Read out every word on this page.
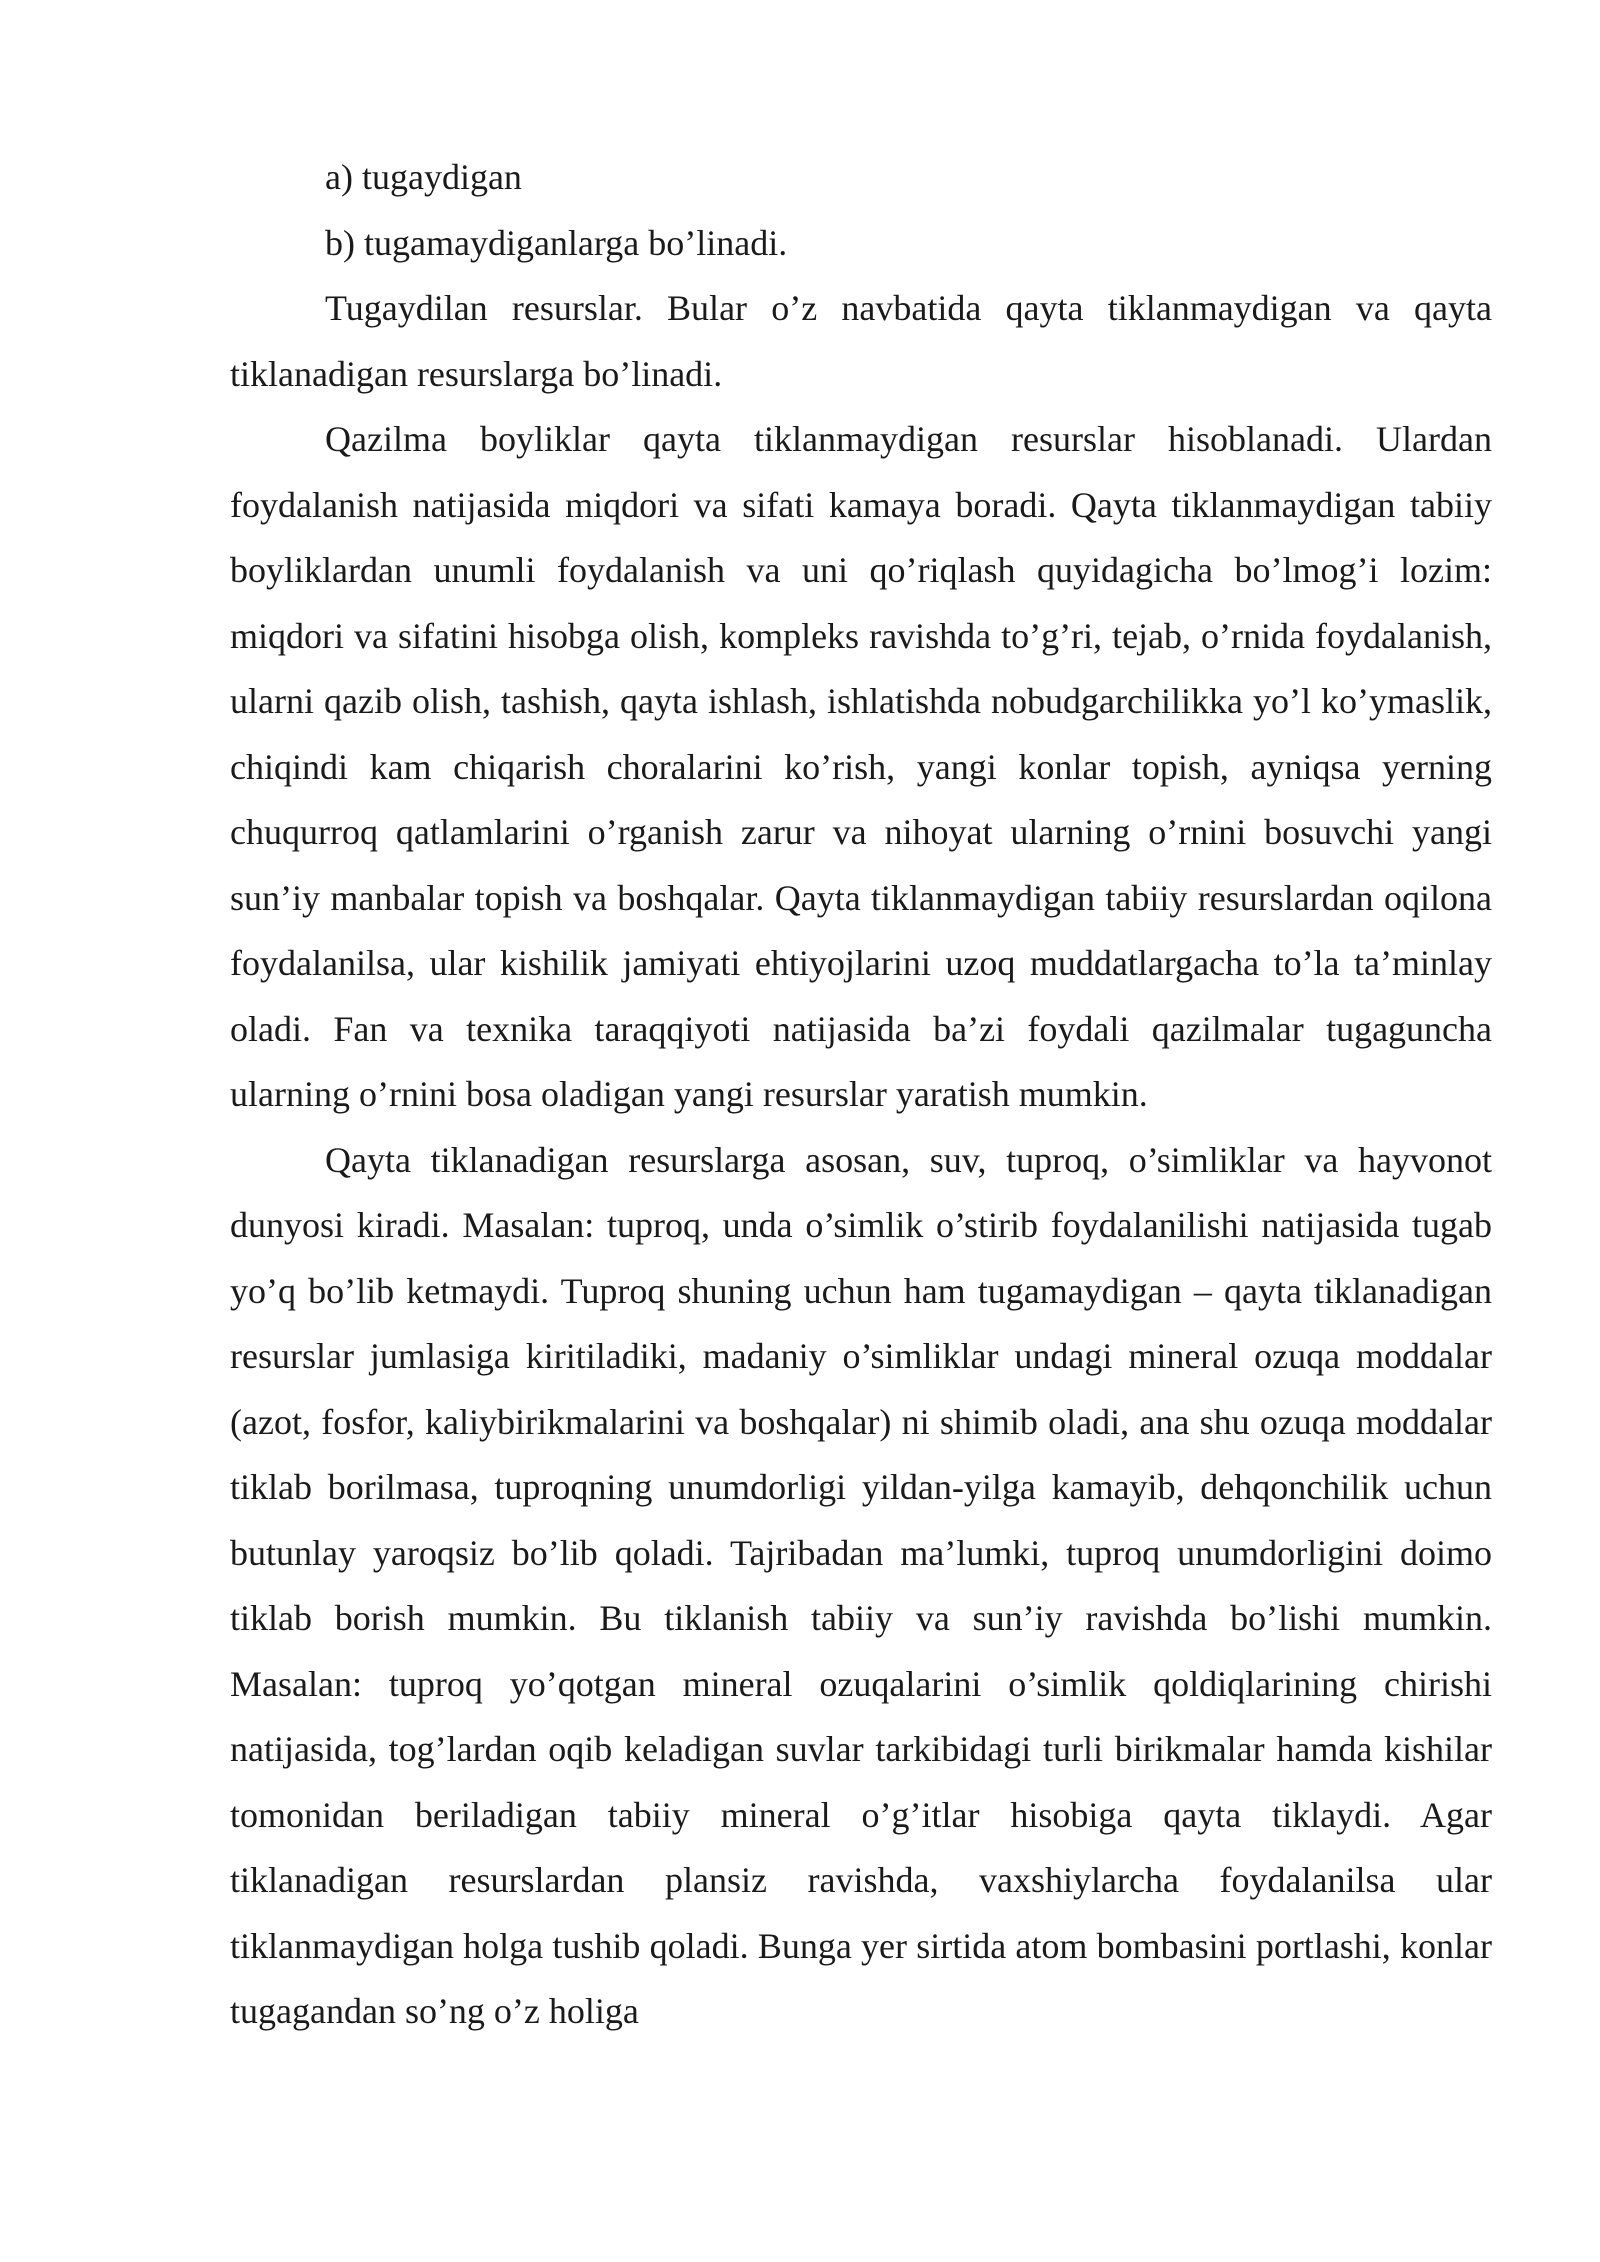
a) tugaydigan

b) tugamaydiganlarga bo’linadi.

Tugaydilan resurslar. Bular o’z navbatida qayta tiklanmaydigan va qayta tiklanadigan resurslarga bo’linadi.

Qazilma boyliklar qayta tiklanmaydigan resurslar hisoblanadi. Ulardan foydalanish natijasida miqdori va sifati kamaya boradi. Qayta tiklanmaydigan tabiiy boyliklardan unumli foydalanish va uni qo’riqlash quyidagicha bo’lmog’i lozim: miqdori va sifatini hisobga olish, kompleks ravishda to’g’ri, tejab, o’rnida foydalanish, ularni qazib olish, tashish, qayta ishlash, ishlatishda nobudgarchilikka yo’l ko’ymaslik, chiqindi kam chiqarish choralarini ko’rish, yangi konlar topish, ayniqsa yerning chuqurroq qatlamlarini o’rganish zarur va nihoyat ularning o’rnini bosuvchi yangi sun’iy manbalar topish va boshqalar. Qayta tiklanmaydigan tabiiy resurslardan oqilona foydalanilsa, ular kishilik jamiyati ehtiyojlarini uzoq muddatlargacha to’la ta’minlay oladi. Fan va texnika taraqqiyoti natijasida ba’zi foydali qazilmalar tugaguncha ularning o’rnini bosa oladigan yangi resurslar yaratish mumkin.

Qayta tiklanadigan resurslarga asosan, suv, tuproq, o’simliklar va hayvonot dunyosi kiradi. Masalan: tuproq, unda o’simlik o’stirib foydalanilishi natijasida tugab yo’q bo’lib ketmaydi. Tuproq shuning uchun ham tugamaydigan – qayta tiklanadigan resurslar jumlasiga kiritiladiki, madaniy o’simliklar undagi mineral ozuqa moddalar (azot, fosfor, kaliybirikmalarini va boshqalar) ni shimib oladi, ana shu ozuqa moddalar tiklab borilmasa, tuproqning unumdorligi yildan-yilga kamayib, dehqonchilik uchun butunlay yaroqsiz bo’lib qoladi. Tajribadan ma’lumki, tuproq unumdorligini doimo tiklab borish mumkin. Bu tiklanish tabiiy va sun’iy ravishda bo’lishi mumkin. Masalan: tuproq yo’qotgan mineral ozuqalarini o’simlik qoldiqlarining chirishi natijasida, tog’lardan oqib keladigan suvlar tarkibidagi turli birikmalar hamda kishilar tomonidan beriladigan tabiiy mineral o’g’itlar hisobiga qayta tiklaydi. Agar tiklanadigan resurslardan plansiz ravishda, vaxshiylarcha foydalanilsa ular tiklanmaydigan holga tushib qoladi. Bunga yer sirtida atom bombasini portlashi, konlar tugagandan so’ng o’z holiga
